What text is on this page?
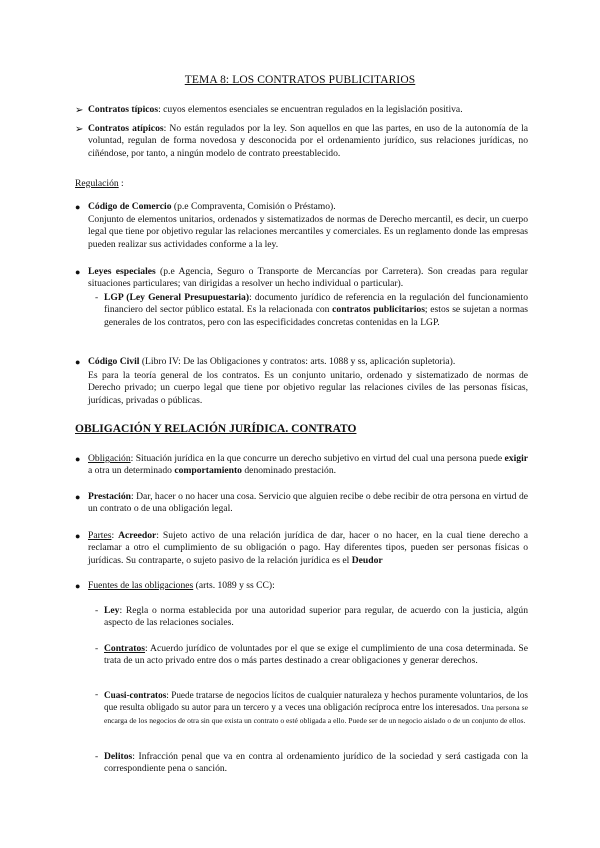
TEMA 8: LOS CONTRATOS PUBLICITARIOS
➢ Contratos típicos: cuyos elementos esenciales se encuentran regulados en la legislación positiva.
➢ Contratos atípicos: No están regulados por la ley. Son aquellos en que las partes, en uso de la autonomía de la voluntad, regulan de forma novedosa y desconocida por el ordenamiento jurídico, sus relaciones jurídicas, no ciñéndose, por tanto, a ningún modelo de contrato preestablecido.
Regulación :
● Código de Comercio (p.e Compraventa, Comisión o Préstamo).
Conjunto de elementos unitarios, ordenados y sistematizados de normas de Derecho mercantil, es decir, un cuerpo legal que tiene por objetivo regular las relaciones mercantiles y comerciales. Es un reglamento donde las empresas pueden realizar sus actividades conforme a la ley.
● Leyes especiales (p.e Agencia, Seguro o Transporte de Mercancías por Carretera). Son creadas para regular situaciones particulares; van dirigidas a resolver un hecho individual o particular).
- LGP (Ley General Presupuestaria): documento jurídico de referencia en la regulación del funcionamiento financiero del sector público estatal. Es la relacionada con contratos publicitarios; estos se sujetan a normas generales de los contratos, pero con las especificidades concretas contenidas en la LGP.
● Código Civil (Libro IV: De las Obligaciones y contratos: arts. 1088 y ss, aplicación supletoria).
Es para la teoría general de los contratos. Es un conjunto unitario, ordenado y sistematizado de normas de Derecho privado; un cuerpo legal que tiene por objetivo regular las relaciones civiles de las personas físicas, jurídicas, privadas o públicas.
OBLIGACIÓN Y RELACIÓN JURÍDICA. CONTRATO
● Obligación: Situación jurídica en la que concurre un derecho subjetivo en virtud del cual una persona puede exigir a otra un determinado comportamiento denominado prestación.
● Prestación: Dar, hacer o no hacer una cosa. Servicio que alguien recibe o debe recibir de otra persona en virtud de un contrato o de una obligación legal.
● Partes: Acreedor: Sujeto activo de una relación jurídica de dar, hacer o no hacer, en la cual tiene derecho a reclamar a otro el cumplimiento de su obligación o pago. Hay diferentes tipos, pueden ser personas físicas o jurídicas. Su contraparte, o sujeto pasivo de la relación jurídica es el Deudor
● Fuentes de las obligaciones (arts. 1089 y ss CC):
- Ley: Regla o norma establecida por una autoridad superior para regular, de acuerdo con la justicia, algún aspecto de las relaciones sociales.
- Contratos: Acuerdo jurídico de voluntades por el que se exige el cumplimiento de una cosa determinada. Se trata de un acto privado entre dos o más partes destinado a crear obligaciones y generar derechos.
- Cuasi-contratos: Puede tratarse de negocios lícitos de cualquier naturaleza y hechos puramente voluntarios, de los que resulta obligado su autor para un tercero y a veces una obligación recíproca entre los interesados. Una persona se encarga de los negocios de otra sin que exista un contrato o esté obligada a ello. Puede ser de un negocio aislado o de un conjunto de ellos.
- Delitos: Infracción penal que va en contra al ordenamiento jurídico de la sociedad y será castigada con la correspondiente pena o sanción.
